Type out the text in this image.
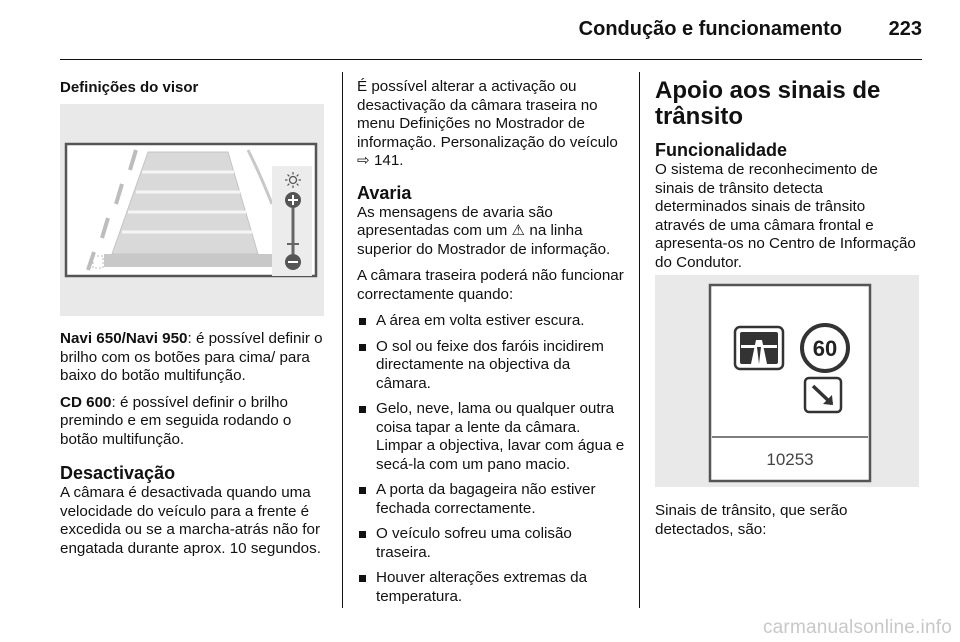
Condução e funcionamento 223
Definições do visor

Navi 650/Navi 950: é possível definir o brilho com os botões para cima/ para baixo do botão multifunção.

CD 600: é possível definir o brilho premindo e em seguida rodando o botão multifunção.

Desactivação

A câmara é desactivada quando uma velocidade do veículo para a frente é excedida ou se a marcha-atrás não for engatada durante aprox. 10 segundos.

É possível alterar a activação ou desactivação da câmara traseira no menu Definições no Mostrador de informação. Personalização do veículo ⇨ 141.

Avaria

As mensagens de avaria são apresentadas com um ⚠ na linha superior do Mostrador de informação.

A câmara traseira poderá não funcionar correctamente quando:

A área em volta estiver escura.
O sol ou feixe dos faróis incidirem directamente na objectiva da câmara.
Gelo, neve, lama ou qualquer outra coisa tapar a lente da câmara. Limpar a objectiva, lavar com água e secá-la com um pano macio.
A porta da bagageira não estiver fechada correctamente.
O veículo sofreu uma colisão traseira.
Houver alterações extremas da temperatura.
Apoio aos sinais de trânsito
Funcionalidade

O sistema de reconhecimento de sinais de trânsito detecta determinados sinais de trânsito através de uma câmara frontal e apresenta-os no Centro de Informação do Condutor.

60
10253
Sinais de trânsito, que serão detectados, são:
carmanualsonline.info
